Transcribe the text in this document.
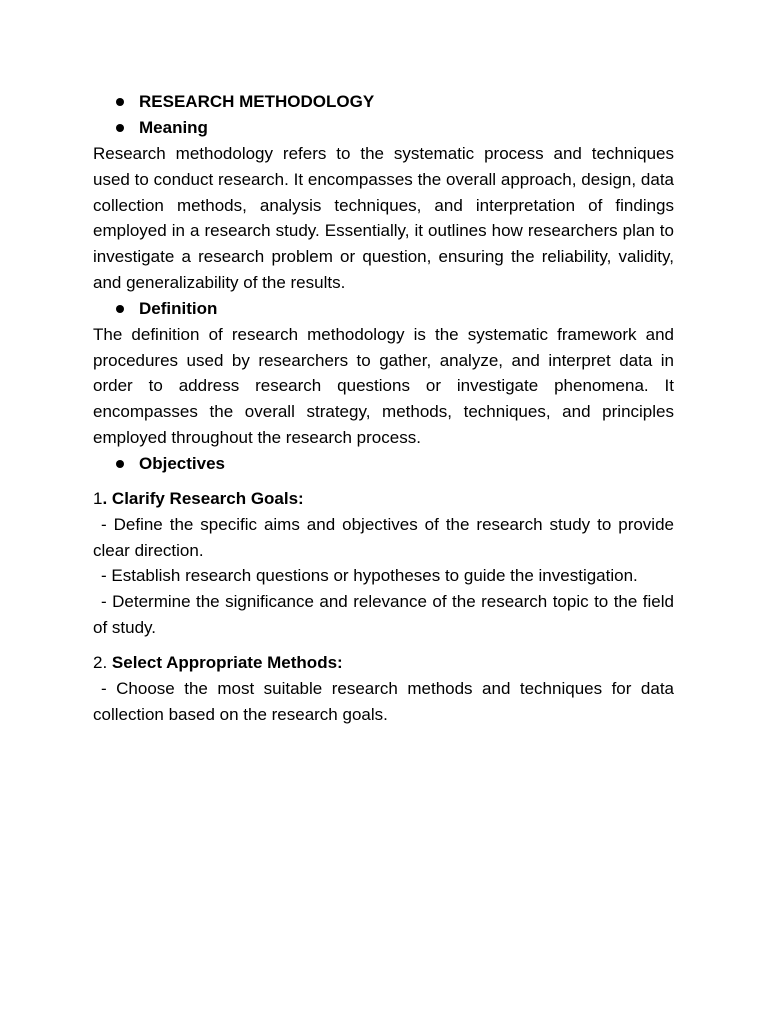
RESEARCH METHODOLOGY
Meaning

Research methodology refers to the systematic process and techniques used to conduct research. It encompasses the overall approach, design, data collection methods, analysis techniques, and interpretation of findings employed in a research study. Essentially, it outlines how researchers plan to investigate a research problem or question, ensuring the reliability, validity, and generalizability of the results.

Definition

The definition of research methodology is the systematic framework and procedures used by researchers to gather, analyze, and interpret data in order to address research questions or investigate phenomena. It encompasses the overall strategy, methods, techniques, and principles employed throughout the research process.

Objectives

1. Clarify Research Goals:

- Define the specific aims and objectives of the research study to provide clear direction.

- Establish research questions or hypotheses to guide the investigation.

- Determine the significance and relevance of the research topic to the field of study.

2. Select Appropriate Methods:

- Choose the most suitable research methods and techniques for data collection based on the research goals.
